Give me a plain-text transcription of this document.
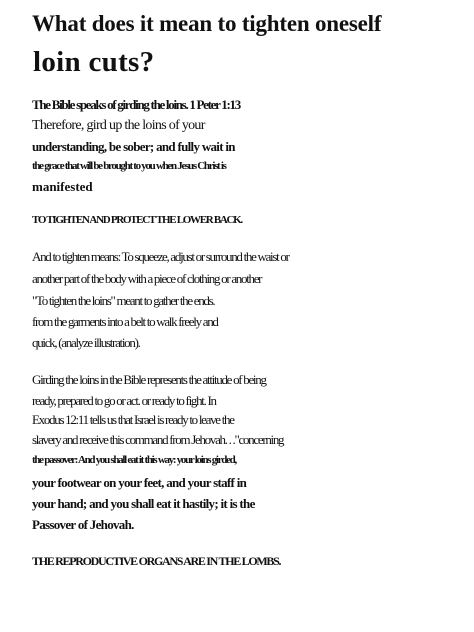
What does it mean to tighten oneself
loin cuts?
The Bible speaks of girding the loins. 1 Peter 1:13
Therefore, gird up the loins of your
understanding, be sober; and fully wait in
the grace that will be brought to you when Jesus Christ is
manifested
TO TIGHTEN AND PROTECT THE LOWER BACK.
And to tighten means: To squeeze, adjust or surround the waist or
another part of the body with a piece of clothing or another
"To tighten the loins" meant to gather the ends.
from the garments into a belt to walk freely and
quick, (analyze illustration).
Girding the loins in the Bible represents the attitude of being
ready, prepared to go or act. or ready to fight. In
Exodus 12:11 tells us that Israel is ready to leave the
slavery and receive this command from Jehovah. . ."concerning
the passover: And you shall eat it this way: your loins girded,
your footwear on your feet, and your staff in
your hand; and you shall eat it hastily; it is the
Passover of Jehovah.
THE REPRODUCTIVE ORGANS ARE IN THE LOMBS.
